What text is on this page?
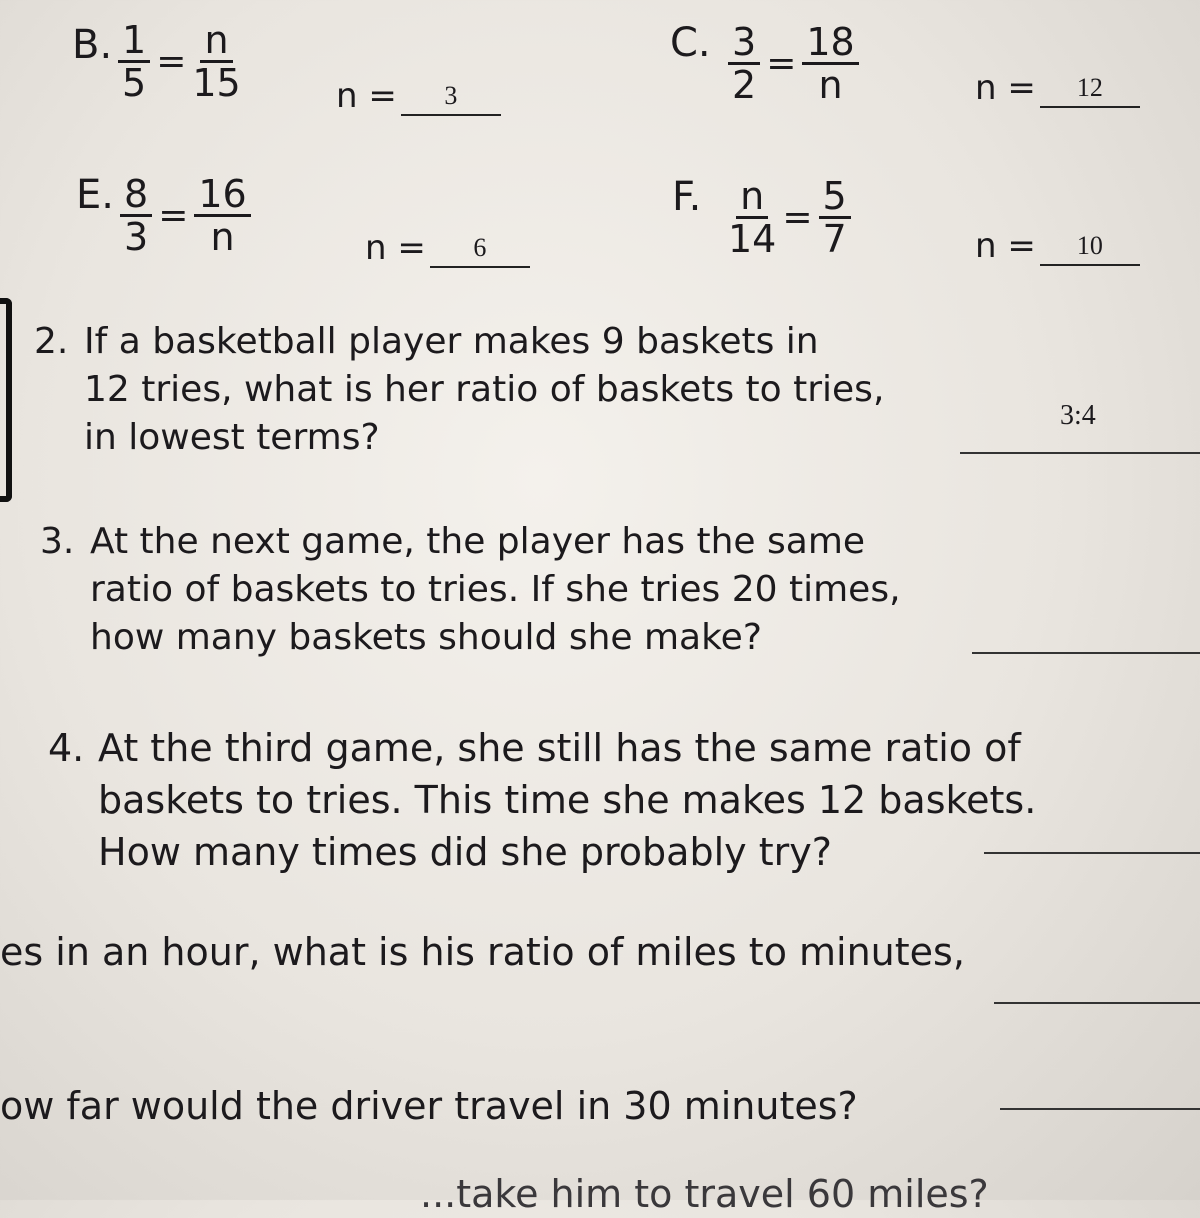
B. $\frac{1}{5} = \frac{n}{15}$	n =	3
C. $\frac{3}{2} = \frac{18}{n}$	n =	12
E. $\frac{8}{3} = \frac{16}{n}$	n =	6
F. $\frac{n}{14} = \frac{5}{7}$	n =	10
2. If a basketball player makes 9 baskets in
12 tries, what is her ratio of baskets to tries,
in lowest terms?
3:4
3. At the next game, the player has the same
ratio of baskets to tries. If she tries 20 times,
how many baskets should she make?
4. At the third game, she still has the same ratio of
baskets to tries. This time she makes 12 baskets.
How many times did she probably try?
es in an hour, what is his ratio of miles to minutes,
ow far would the driver travel in 30 minutes?
...take him to travel 60 miles?
